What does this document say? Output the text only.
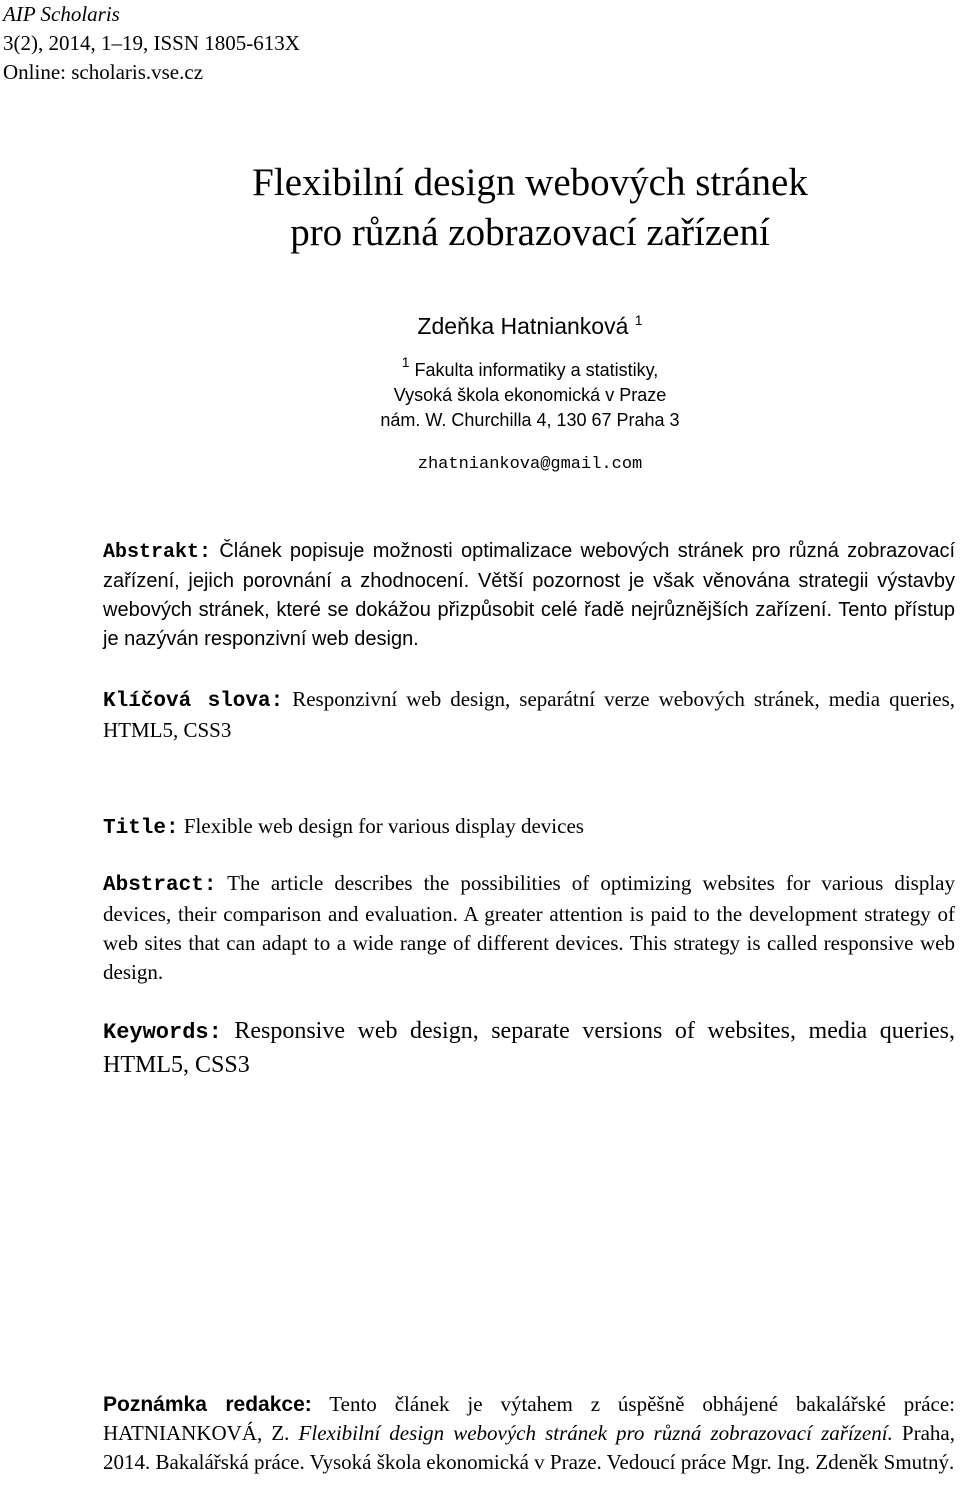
AIP Scholaris
3(2), 2014, 1–19, ISSN 1805-613X
Online: scholaris.vse.cz
Flexibilní design webových stránek
pro různá zobrazovací zařízení
Zdeňka Hatnianková $^1$
$^1$ Fakulta informatiky a statistiky,
Vysoká škola ekonomická v Praze
nám. W. Churchilla 4, 130 67 Praha 3
zhatniankova@gmail.com
Abstrakt: Článek popisuje možnosti optimalizace webových stránek pro různá zobrazovací zařízení, jejich porovnání a zhodnocení. Větší pozornost je však věnována strategii výstavby webových stránek, které se dokážou přizpůsobit celé řadě nejrůznějších zařízení. Tento přístup je nazýván responzivní web design.
Klíčová slova: Responzivní web design, separátní verze webových stránek, media queries, HTML5, CSS3
Title: Flexible web design for various display devices
Abstract: The article describes the possibilities of optimizing websites for various display devices, their comparison and evaluation. A greater attention is paid to the development strategy of web sites that can adapt to a wide range of different devices. This strategy is called responsive web design.
Keywords: Responsive web design, separate versions of websites, media queries, HTML5, CSS3
Poznámka redakce: Tento článek je výtahem z úspěšně obhájené bakalářské práce: HATNIANKOVÁ, Z. Flexibilní design webových stránek pro různá zobrazovací zařízení. Praha, 2014. Bakalářská práce. Vysoká škola ekonomická v Praze. Vedoucí práce Mgr. Ing. Zdeněk Smutný.
